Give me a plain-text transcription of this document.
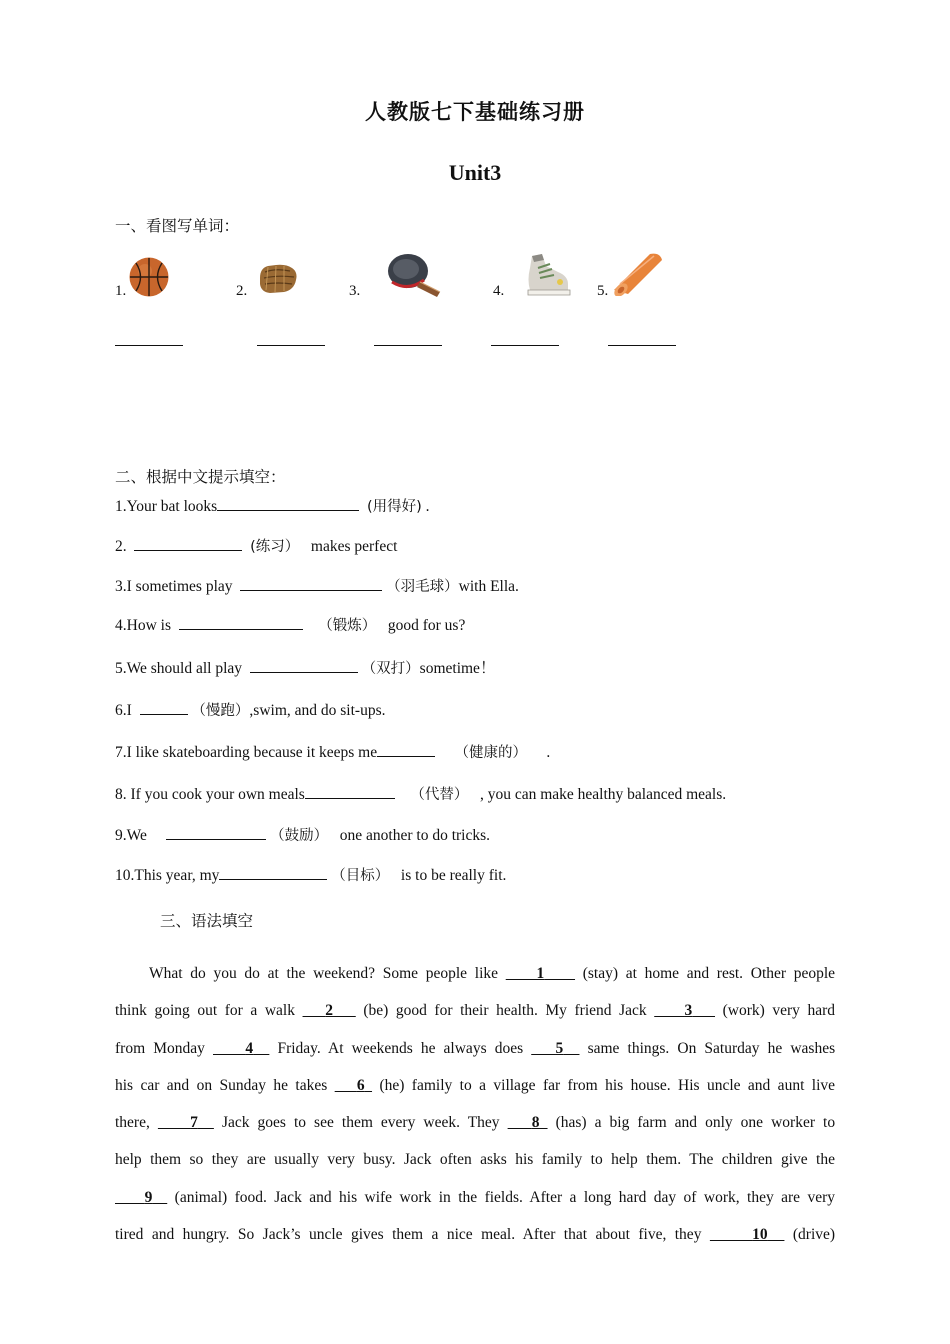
人教版七下基础练习册
Unit3
一、看图写单词：
1.	2.	3.	4.	5.
二、根据中文提示填空：
1.Your bat looks	(用得好) .
2.	(练习） makes perfect
3.I sometimes play	（羽毛球）with Ella.
4.How is	（锻炼） good for us?
5.We should all play	（双打）sometime！
6.I	（慢跑）,swim, and do sit-ups.
7.I like skateboarding because it keeps me	（健康的） .
8. If you cook your own meals	（代替） , you can make healthy balanced meals.
9.We	（鼓励） one another to do tricks.
10.This year, my	（目标） is to be really fit.
三、语法填空
What do you do at the weekend? Some people like 1 (stay) at home and rest. Other people
think going out for a walk 2 (be) good for their health. My friend Jack 3 (work) very hard
from Monday	4 Friday. At weekends he always does 5 same things. On Saturday he washes
his car and on Sunday he takes 6 (he) family to a village far from his house. His uncle and aunt live
there,	7 Jack goes to see them every week. They 8 (has) a big farm and only one worker to
help them so they are usually very busy. Jack often asks his family to help them. The children give the
9 (animal) food. Jack and his wife work in the fields. After a long hard day of work, they are very
tired and hungry. So Jack’s uncle gives them a nice meal. After that about five, they	10 (drive)
